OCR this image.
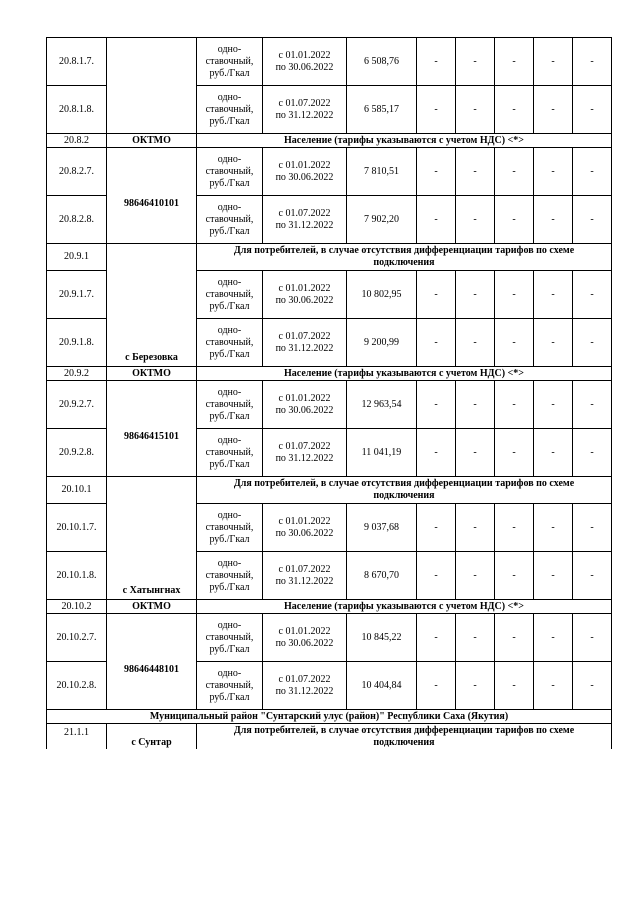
20.8.1.7.		одно-
ставочный,
руб./Гкал	с 01.01.2022
по 30.06.2022	6 508,76	-	-	-	-	-
20.8.1.8.		одно-
ставочный,
руб./Гкал	с 01.07.2022
по 31.12.2022	6 585,17	-	-	-	-	-
20.8.2	ОКТМО	Население (тарифы указываются с учетом НДС) <*>							
20.8.2.7.	98646410101	одно-
ставочный,
руб./Гкал	с 01.01.2022
по 30.06.2022	7 810,51	-	-	-	-	-
20.8.2.8.		одно-
ставочный,
руб./Гкал	с 01.07.2022
по 31.12.2022	7 902,20	-	-	-	-	-
20.9.1	с Березовка	Для потребителей, в случае отсутствия дифференциации тарифов по схеме
подключения							

20.9.1.7.		одно-
ставочный,
руб./Гкал	с 01.01.2022
по 30.06.2022	10 802,95	-	-	-	-	-
20.9.1.8.		одно-
ставочный,
руб./Гкал	с 01.07.2022
по 31.12.2022	9 200,99	-	-	-	-	-
20.9.2	ОКТМО	Население (тарифы указываются с учетом НДС) <*>							
20.9.2.7.	98646415101	одно-
ставочный,
руб./Гкал	с 01.01.2022
по 30.06.2022	12 963,54	-	-	-	-	-
20.9.2.8.		одно-
ставочный,
руб./Гкал	с 01.07.2022
по 31.12.2022	11 041,19	-	-	-	-	-
20.10.1	с Хатынгнах	Для потребителей, в случае отсутствия дифференциации тарифов по схеме
подключения							

20.10.1.7.		одно-
ставочный,
руб./Гкал	с 01.01.2022
по 30.06.2022	9 037,68	-	-	-	-	-
20.10.1.8.		одно-
ставочный,
руб./Гкал	с 01.07.2022
по 31.12.2022	8 670,70	-	-	-	-	-
20.10.2	ОКТМО	Население (тарифы указываются с учетом НДС) <*>							
20.10.2.7.	98646448101	одно-
ставочный,
руб./Гкал	с 01.01.2022
по 30.06.2022	10 845,22	-	-	-	-	-
20.10.2.8.		одно-
ставочный,
руб./Гкал	с 01.07.2022
по 31.12.2022	10 404,84	-	-	-	-	-
Муниципальный район "Сунтарский улус (район)" Республики Саха (Якутия)									
21.1.1	с Сунтар	Для потребителей, в случае отсутствия дифференциации тарифов по схеме
подключения							
